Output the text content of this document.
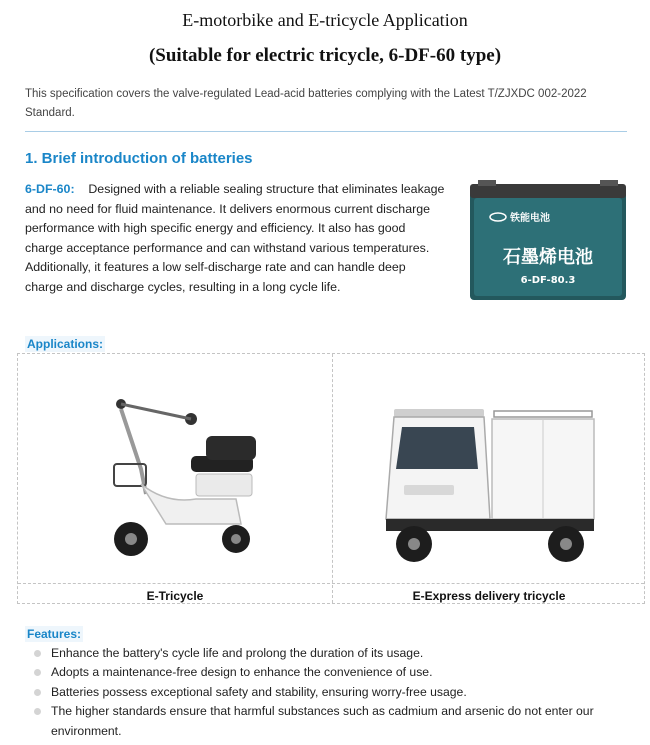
E-motorbike and E-tricycle Application
(Suitable for electric tricycle, 6-DF-60 type)
This specification covers the valve-regulated Lead-acid batteries complying with the Latest T/ZJXDC 002-2022 Standard.
1. Brief introduction of batteries
6-DF-60: Designed with a reliable sealing structure that eliminates leakage and no need for fluid maintenance. It delivers enormous current discharge performance with high specific energy and efficiency. It also has good charge acceptance performance and can withstand various temperatures. Additionally, it features a low self-discharge rate and can handle deep charge and discharge cycles, resulting in a long cycle life.
铁能电池
石墨烯电池
6-DF-80.3
Applications:
E-Tricycle	E-Express delivery tricycle
Features:
Enhance the battery's cycle life and prolong the duration of its usage.
Adopts a maintenance-free design to enhance the convenience of use.
Batteries possess exceptional safety and stability, ensuring worry-free usage.
The higher standards ensure that harmful substances such as cadmium and arsenic do not enter our environment.
